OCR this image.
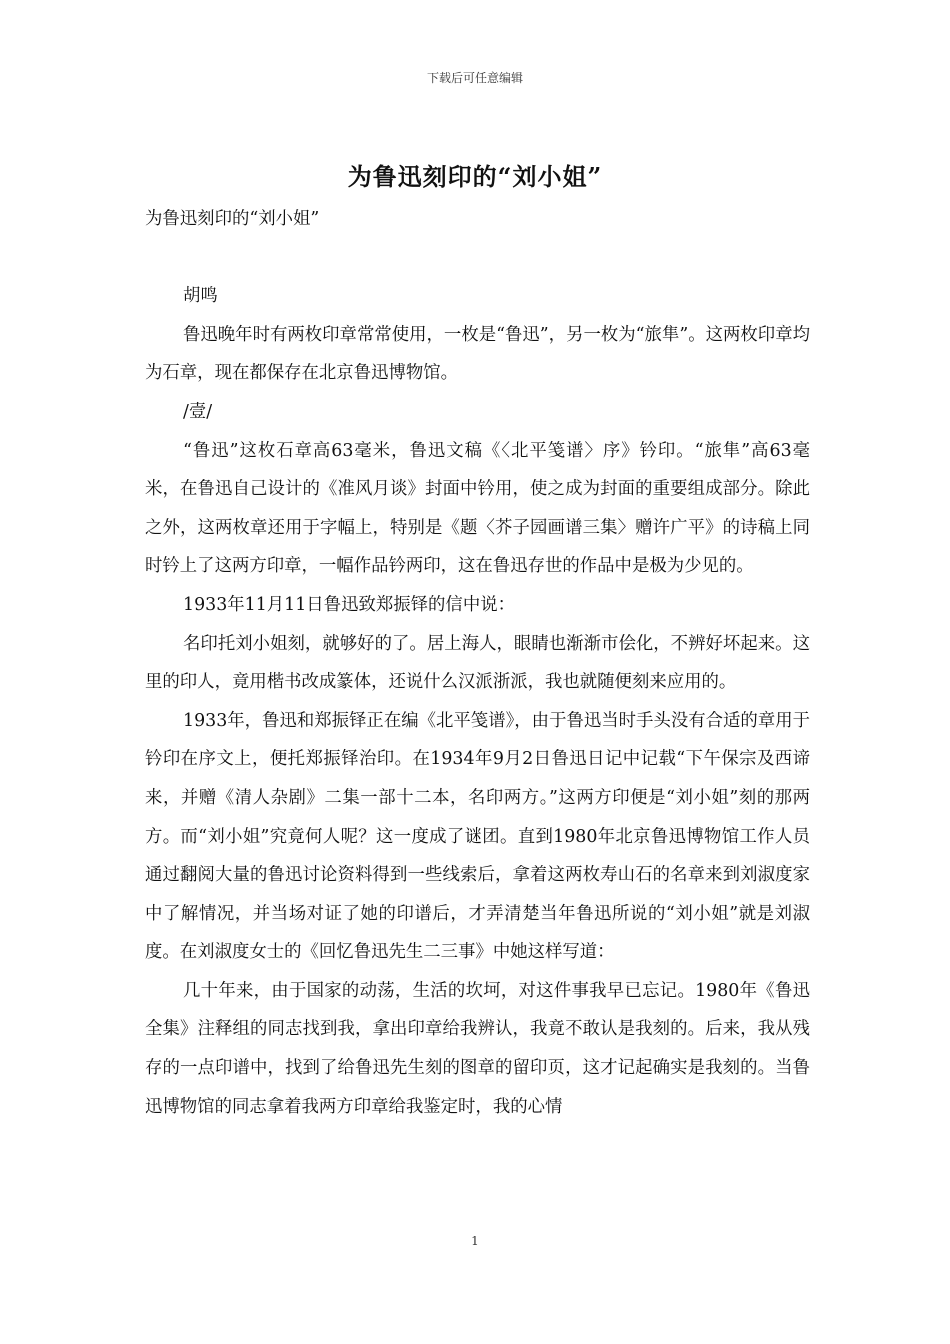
下载后可任意编辑
为鲁迅刻印的“刘小姐”

为鲁迅刻印的“刘小姐”

胡鸣

鲁迅晚年时有两枚印章常常使用，一枚是“鲁迅”，另一枚为“旅隼”。这两枚印章均为石章，现在都保存在北京鲁迅博物馆。

/壹/

“鲁迅”这枚石章高63毫米，鲁迅文稿《〈北平笺谱〉序》钤印。“旅隼”高63毫米，在鲁迅自己设计的《准风月谈》封面中钤用，使之成为封面的重要组成部分。除此之外，这两枚章还用于字幅上，特别是《题〈芥子园画谱三集〉赠许广平》的诗稿上同时钤上了这两方印章，一幅作品钤两印，这在鲁迅存世的作品中是极为少见的。

1933年11月11日鲁迅致郑振铎的信中说：

名印托刘小姐刻，就够好的了。居上海人，眼睛也渐渐市侩化，不辨好坏起来。这里的印人，竟用楷书改成篆体，还说什么汉派浙派，我也就随便刻来应用的。

1933年，鲁迅和郑振铎正在编《北平笺谱》，由于鲁迅当时手头没有合适的章用于钤印在序文上，便托郑振铎治印。在1934年9月2日鲁迅日记中记载“下午保宗及西谛来，并赠《清人杂剧》二集一部十二本，名印两方。”这两方印便是“刘小姐”刻的那两方。而“刘小姐”究竟何人呢？这一度成了谜团。直到1980年北京鲁迅博物馆工作人员通过翻阅大量的鲁迅讨论资料得到一些线索后，拿着这两枚寿山石的名章来到刘淑度家中了解情况，并当场对证了她的印谱后，才弄清楚当年鲁迅所说的“刘小姐”就是刘淑度。在刘淑度女士的《回忆鲁迅先生二三事》中她这样写道：

几十年来，由于国家的动荡，生活的坎坷，对这件事我早已忘记。1980年《鲁迅全集》注释组的同志找到我，拿出印章给我辨认，我竟不敢认是我刻的。后来，我从残存的一点印谱中，找到了给鲁迅先生刻的图章的留印页，这才记起确实是我刻的。当鲁迅博物馆的同志拿着我两方印章给我鉴定时，我的心情

1
